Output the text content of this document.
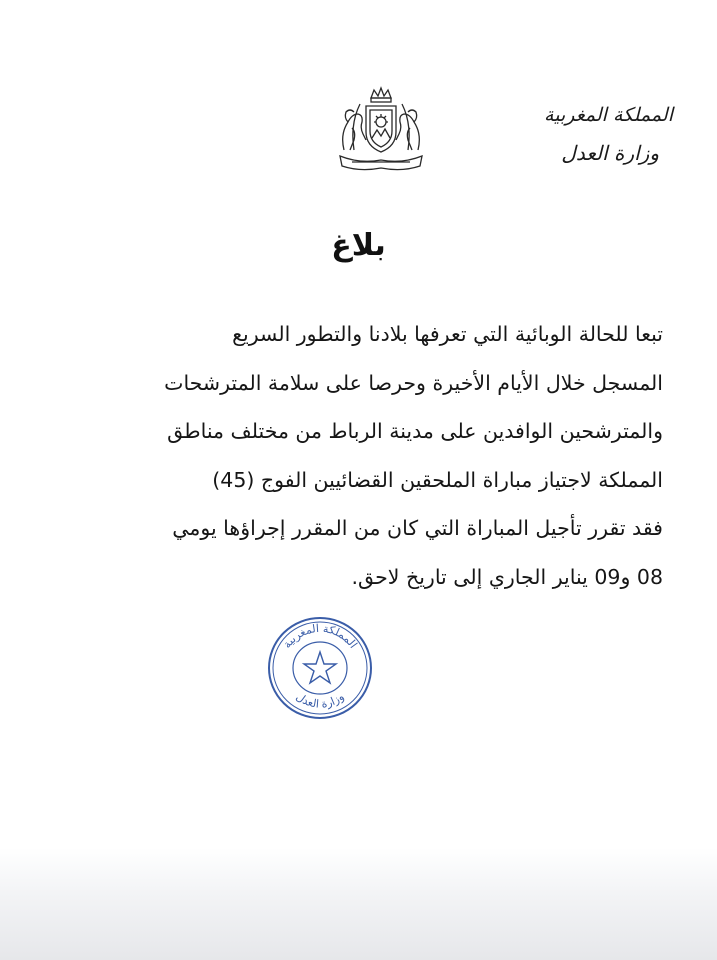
المملكة المغربية
وزارة العدل
بلاغ

تبعا للحالة الوبائية التي تعرفها بلادنا والتطور السريع

المسجل خلال الأيام الأخيرة وحرصا على سلامة المترشحات

والمترشحين الوافدين على مدينة الرباط من مختلف مناطق

المملكة لاجتياز مباراة الملحقين القضائيين الفوج (45)

فقد تقرر تأجيل المباراة التي كان من المقرر إجراؤها يومي

08 و09 يناير الجاري إلى تاريخ لاحق.

المملكة المغربية
وزارة العدل
